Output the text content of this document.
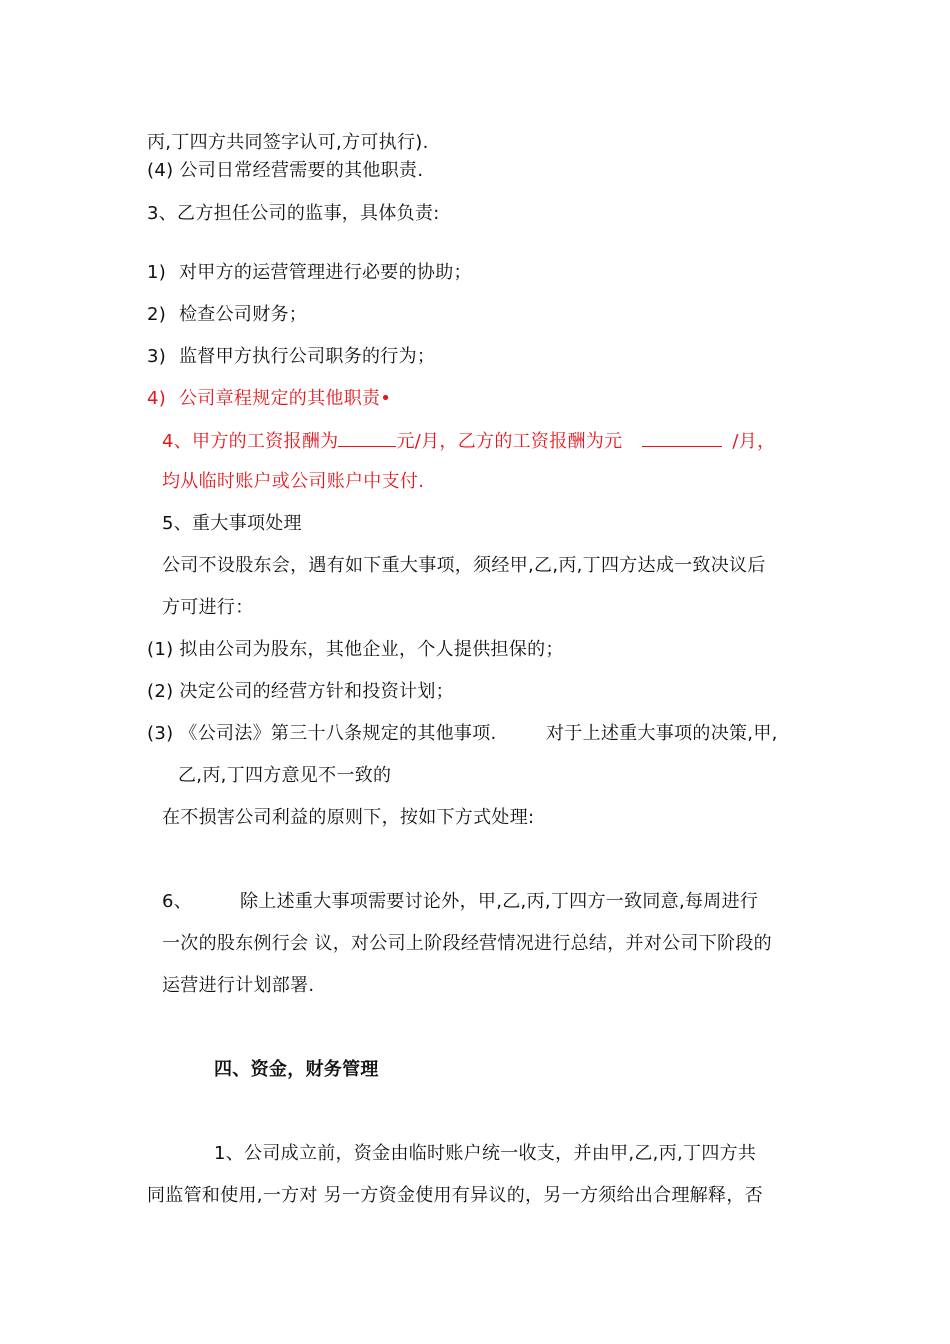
丙,丁四方共同签字认可,方可执行).
(4) 公司日常经营需要的其他职责.
3、乙方担任公司的监事，具体负责:
1) 对甲方的运营管理进行必要的协助；
2) 检查公司财务；
3) 监督甲方执行公司职务的行为；
4) 公司章程规定的其他职责•
4、甲方的工资报酬为	元/月，乙方的工资报酬为元	/月，
均从临时账户或公司账户中支付.
5、重大事项处理
公司不设股东会，遇有如下重大事项，须经甲,乙,丙,丁四方达成一致决议后
方可进行：
(1) 拟由公司为股东，其他企业，个人提供担保的；
(2) 决定公司的经营方针和投资计划；
(3) 《公司法》第三十八条规定的其他事项.	对于上述重大事项的决策,甲,
乙,丙,丁四方意见不一致的
在不损害公司利益的原则下，按如下方式处理:
6、	除上述重大事项需要讨论外，甲,乙,丙,丁四方一致同意,每周进行
一次的股东例行会 议，对公司上阶段经营情况进行总结，并对公司下阶段的
运营进行计划部署.
四、资金，财务管理
1、公司成立前，资金由临时账户统一收支，并由甲,乙,丙,丁四方共
同监管和使用,一方对 另一方资金使用有异议的，另一方须给出合理解释，否
